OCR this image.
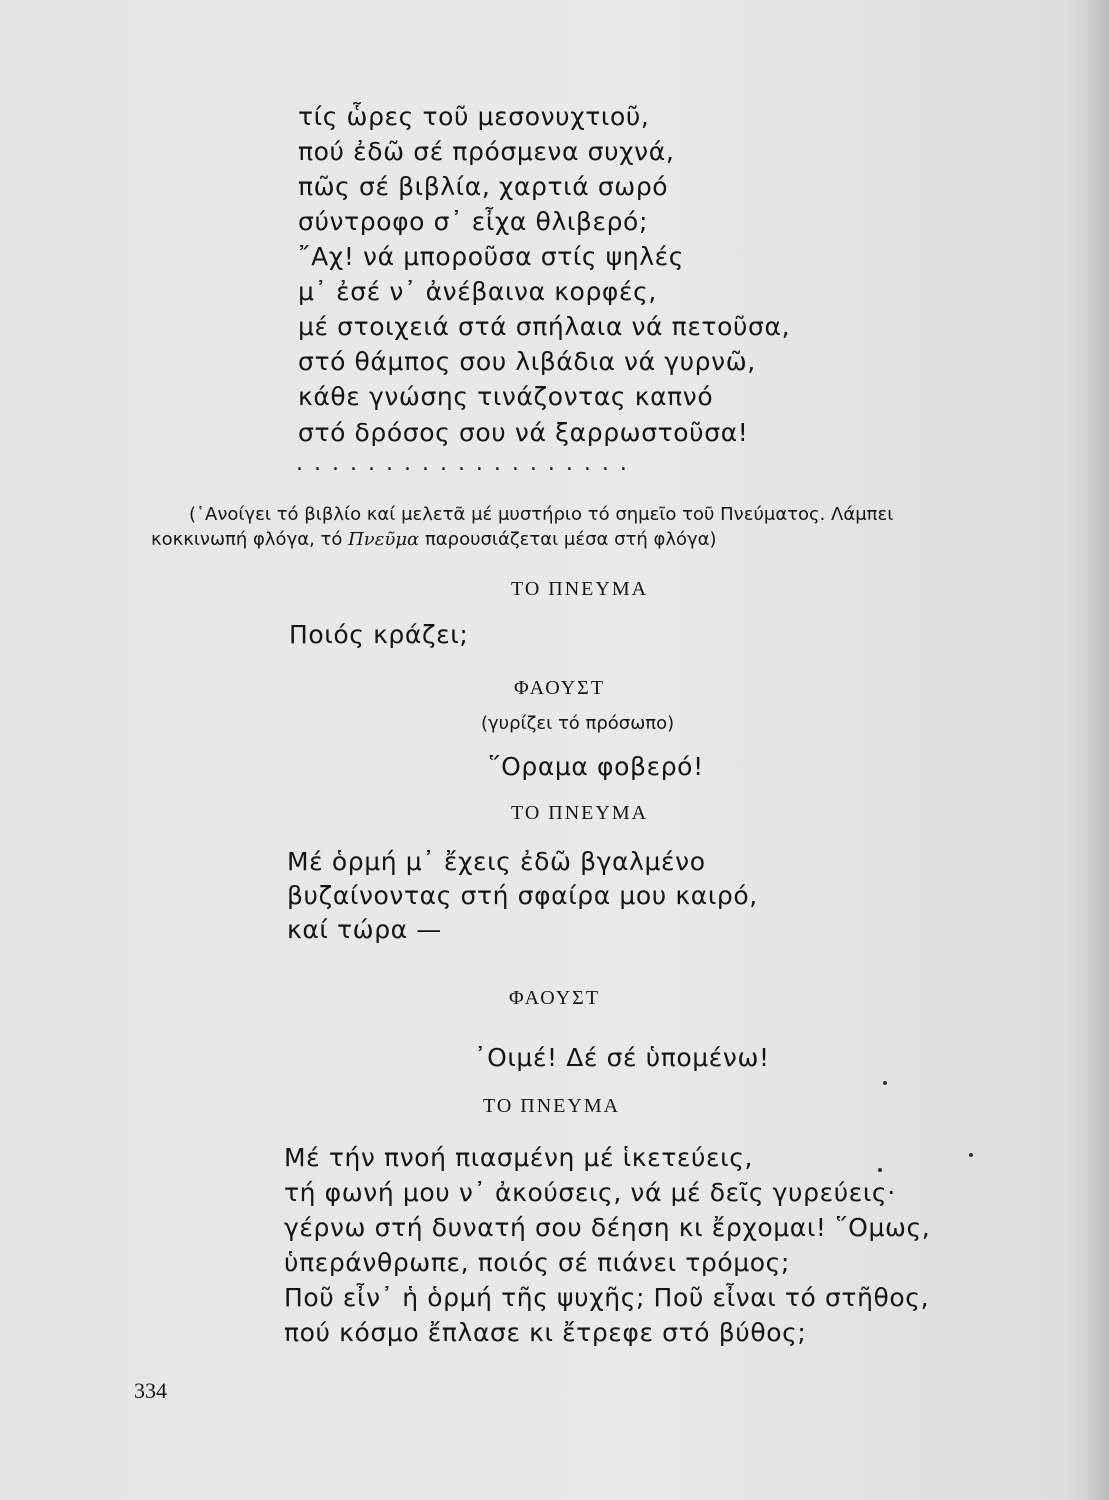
τίς ὧρες τοῦ μεσονυχτιοῦ,
πού ἐδῶ σέ πρόσμενα συχνά,
πῶς σέ βιβλία, χαρτιά σωρό
σύντροφο σ᾿ εἶχα θλιβερό;
῎Αχ! νά μποροῦσα στίς ψηλές
μ᾿ ἐσέ ν᾿ ἀνέβαινα κορφές,
μέ στοιχειά στά σπήλαια νά πετοῦσα,
στό θάμπος σου λιβάδια νά γυρνῶ,
κάθε γνώσης τινάζοντας καπνό
στό δρόσος σου νά ξαρρωστοῦσα!
...................
(῾Ανοίγει τό βιβλίο καί μελετᾶ μέ μυστήριο τό σημεῖο τοῦ Πνεύματος. Λάμπει
κοκκινωπή φλόγα, τό Πνεῦμα παρουσιάζεται μέσα στή φλόγα)
ΤΟ ΠΝΕΥΜΑ
Ποιός κράζει;
ΦΑΟΥΣΤ
(γυρίζει τό πρόσωπο)
῞Οραμα φοβερό!
ΤΟ ΠΝΕΥΜΑ
Μέ ὁρμή μ᾿ ἔχεις ἐδῶ βγαλμένο
βυζαίνοντας στή σφαίρα μου καιρό,
καί τώρα —
ΦΑΟΥΣΤ
᾿Οιμέ! Δέ σέ ὑπομένω!
ΤΟ ΠΝΕΥΜΑ
Μέ τήν πνοή πιασμένη μέ ἱκετεύεις,
τή φωνή μου ν᾿ ἀκούσεις, νά μέ δεῖς γυρεύεις·
γέρνω στή δυνατή σου δέηση κι ἔρχομαι! ῞Ομως,
ὑπεράνθρωπε, ποιός σέ πιάνει τρόμος;
Ποῦ εἶν᾿ ἡ ὁρμή τῆς ψυχῆς; Ποῦ εἶναι τό στῆθος,
πού κόσμο ἔπλασε κι ἔτρεφε στό βύθος;
334
